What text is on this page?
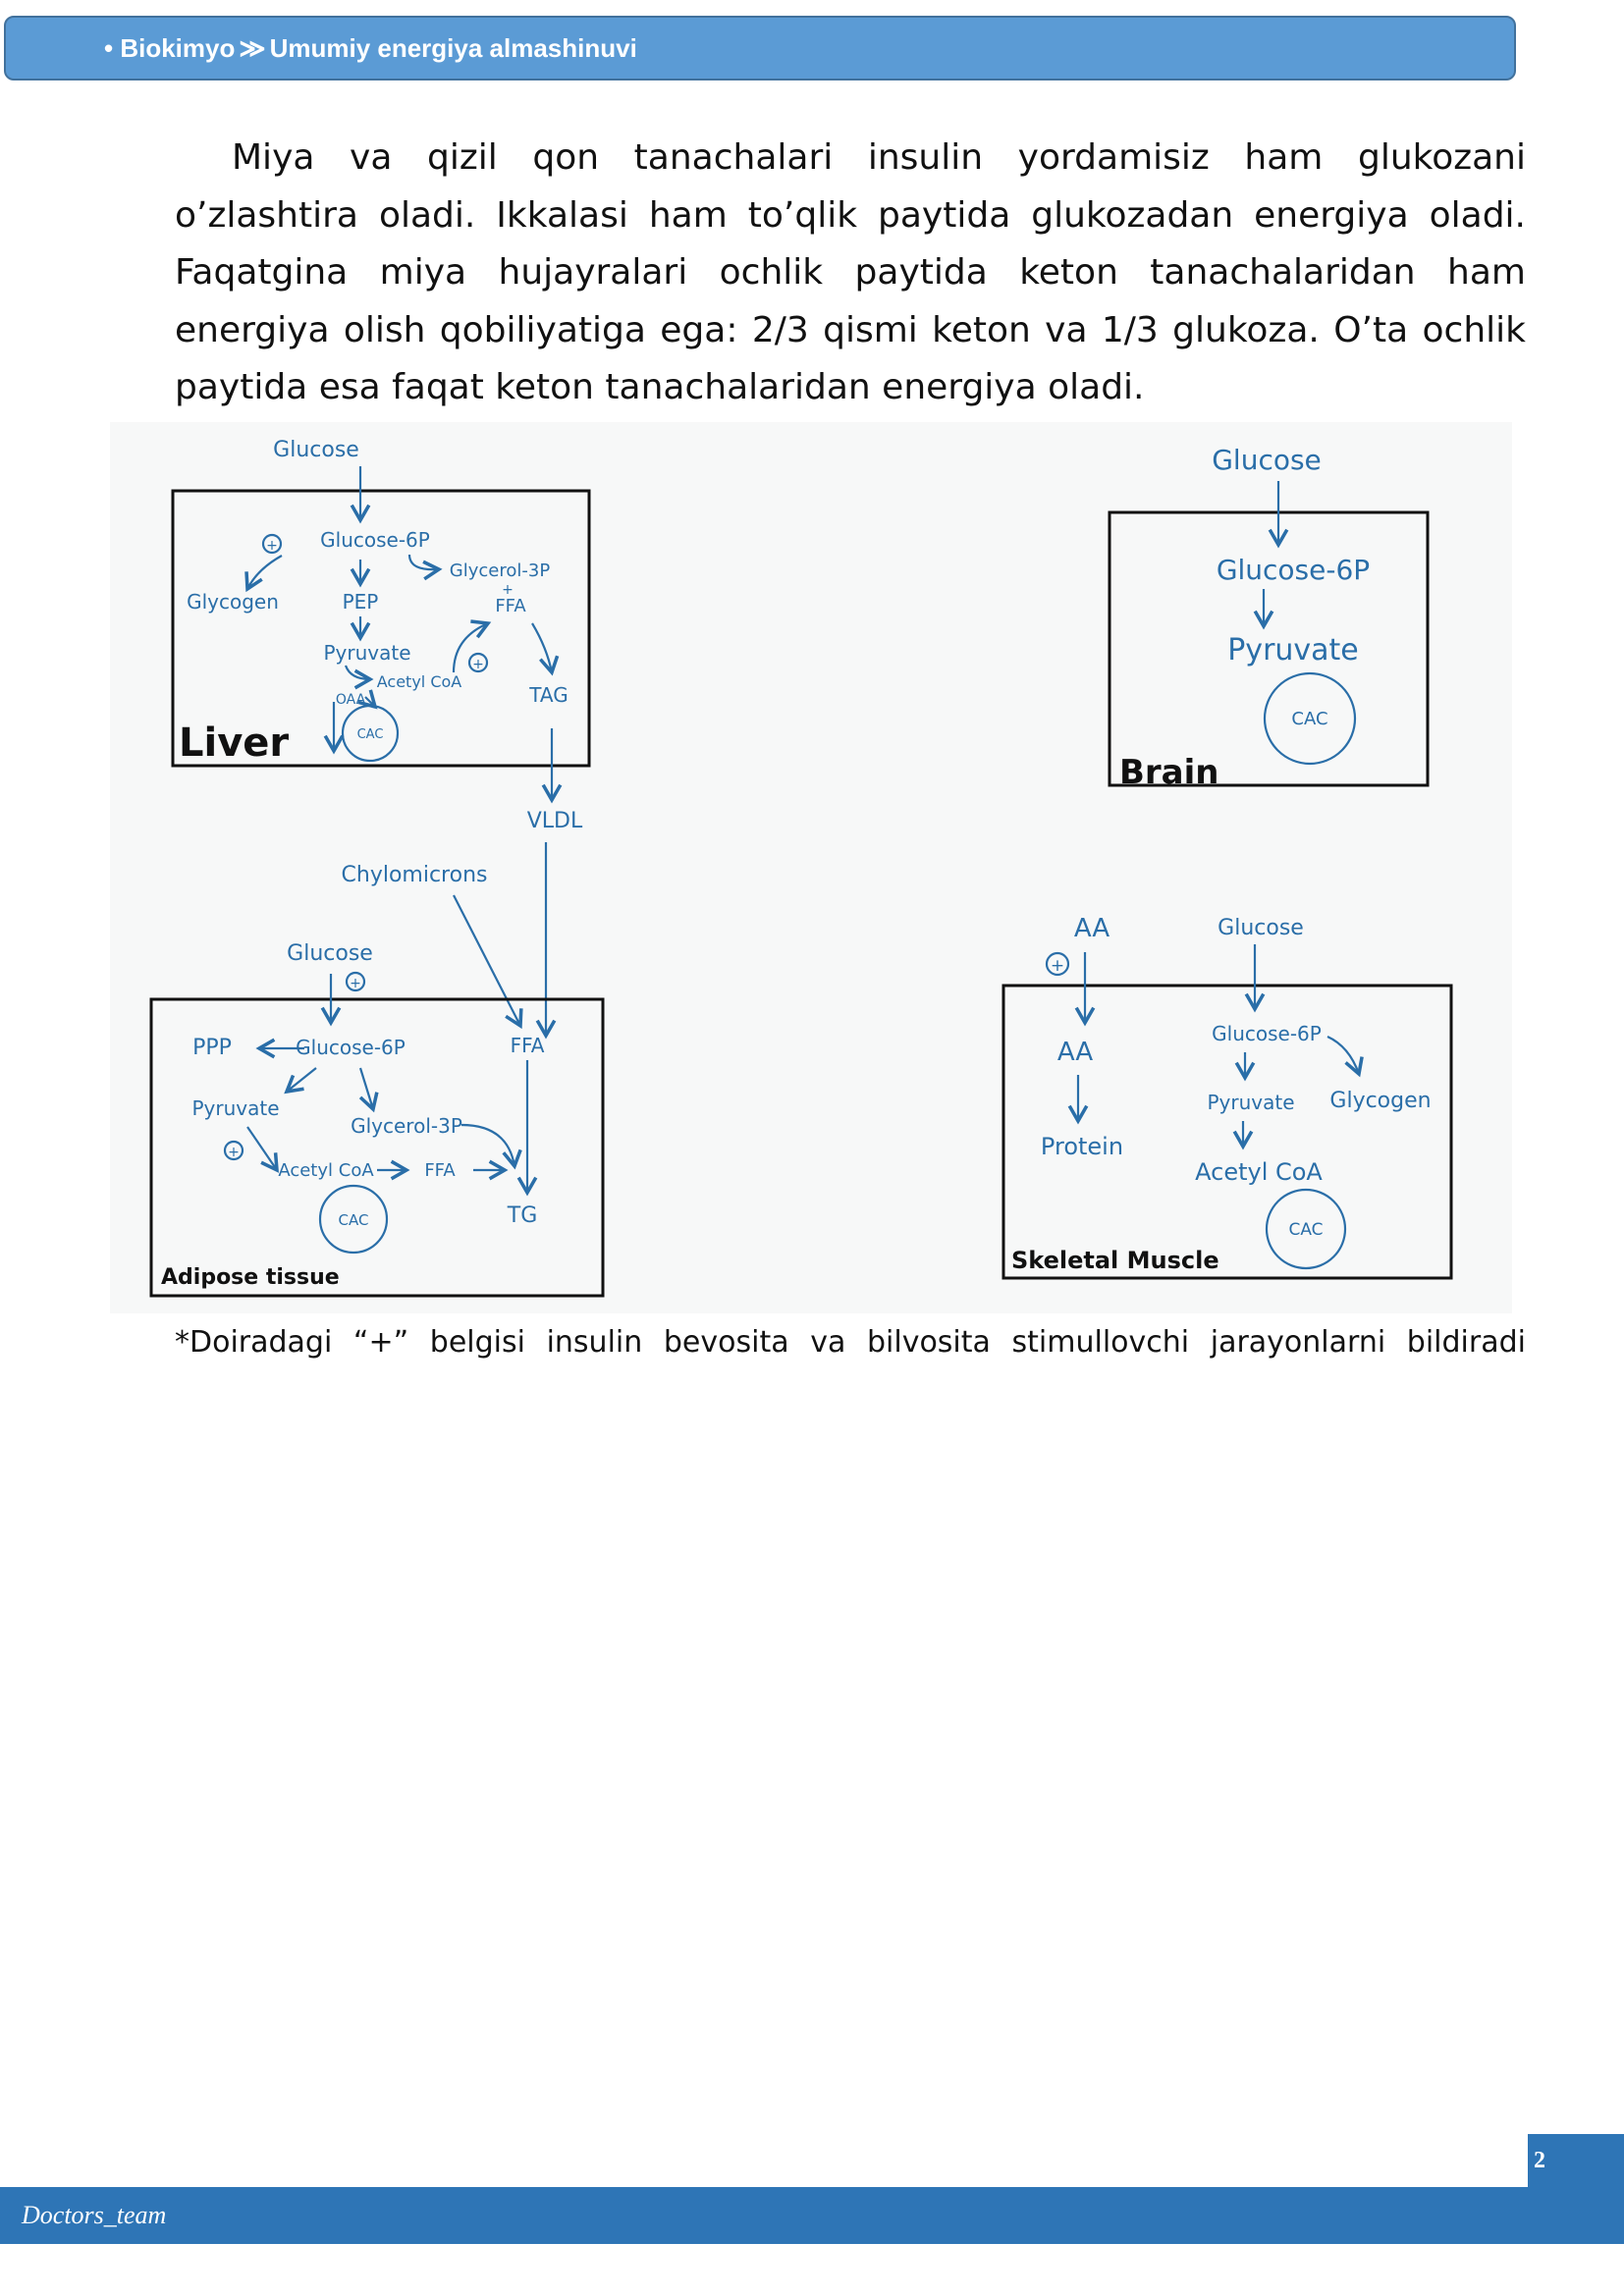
• Biokimyo ≫ Umumiy energiya almashinuvi

Miya va qizil qon tanachalari insulin yordamisiz ham glukozani o’zlashtira oladi. Ikkalasi ham to’qlik paytida glukozadan energiya oladi. Faqatgina miya hujayralari ochlik paytida keton tanachalaridan ham energiya olish qobiliyatiga ega: 2/3 qismi keton va 1/3 glukoza. O’ta ochlik paytida esa faqat keton tanachalaridan energiya oladi.

Glucose
Glucose-6P
+
Glycogen
Glycerol-3P
+
FFA
PEP
Pyruvate
Acetyl CoA
+
TAG
OAA
CAC
Liver
VLDL
Chylomicrons
Glucose
Glucose-6P
Pyruvate
CAC
Brain
Glucose
+
PPP	Glucose-6P	FFA
Pyruvate
Glycerol-3P
+
Acetyl CoA	FFA
TG
CAC
Adipose tissue
AA
+
Glucose
AA
Protein
Glucose-6P
Pyruvate Glycogen
Acetyl CoA
CAC
Skeletal Muscle

*Doiradagi “+” belgisi insulin bevosita va bilvosita stimullovchi jarayonlarni bildiradi

2
Doctors_team
